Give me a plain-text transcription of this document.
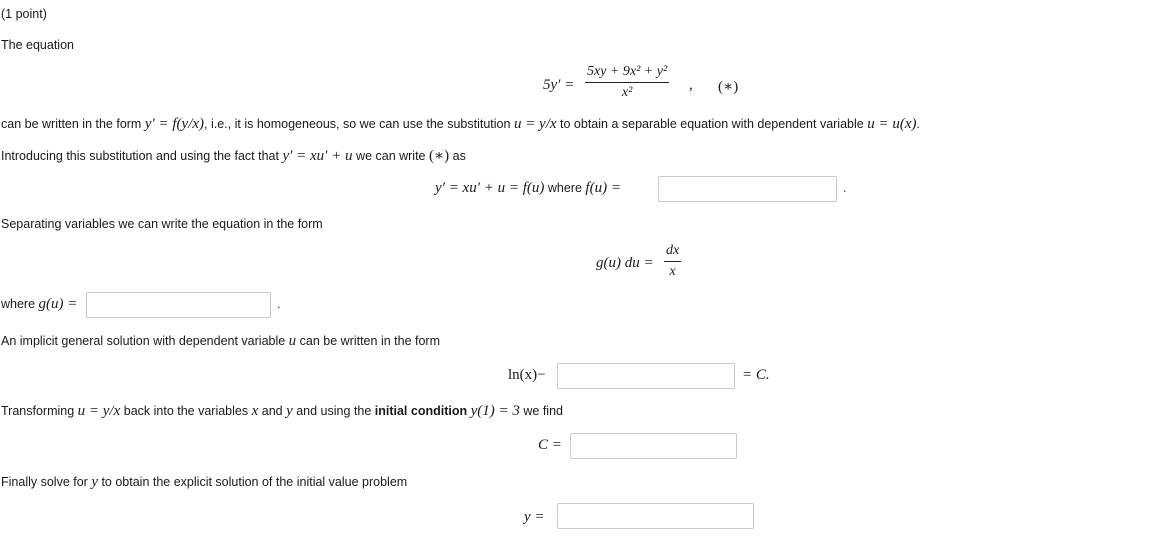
(1 point)
The equation
5y′ =
5xy + 9x² + y²
x²	, (∗)
can be written in the form y′ = f(y/x), i.e., it is homogeneous, so we can use the substitution u = y/x to obtain a separable equation with dependent variable u = u(x).
Introducing this substitution and using the fact that y′ = xu′ + u we can write (∗) as
y′ = xu′ + u = f(u) where f(u) =	.
Separating variables we can write the equation in the form
g(u) du =
dx
x
where g(u) =	.
An implicit general solution with dependent variable u can be written in the form
ln(x)−	= C.
Transforming u = y/x back into the variables x and y and using the initial condition y(1) = 3 we find
C =
Finally solve for y to obtain the explicit solution of the initial value problem
y =
